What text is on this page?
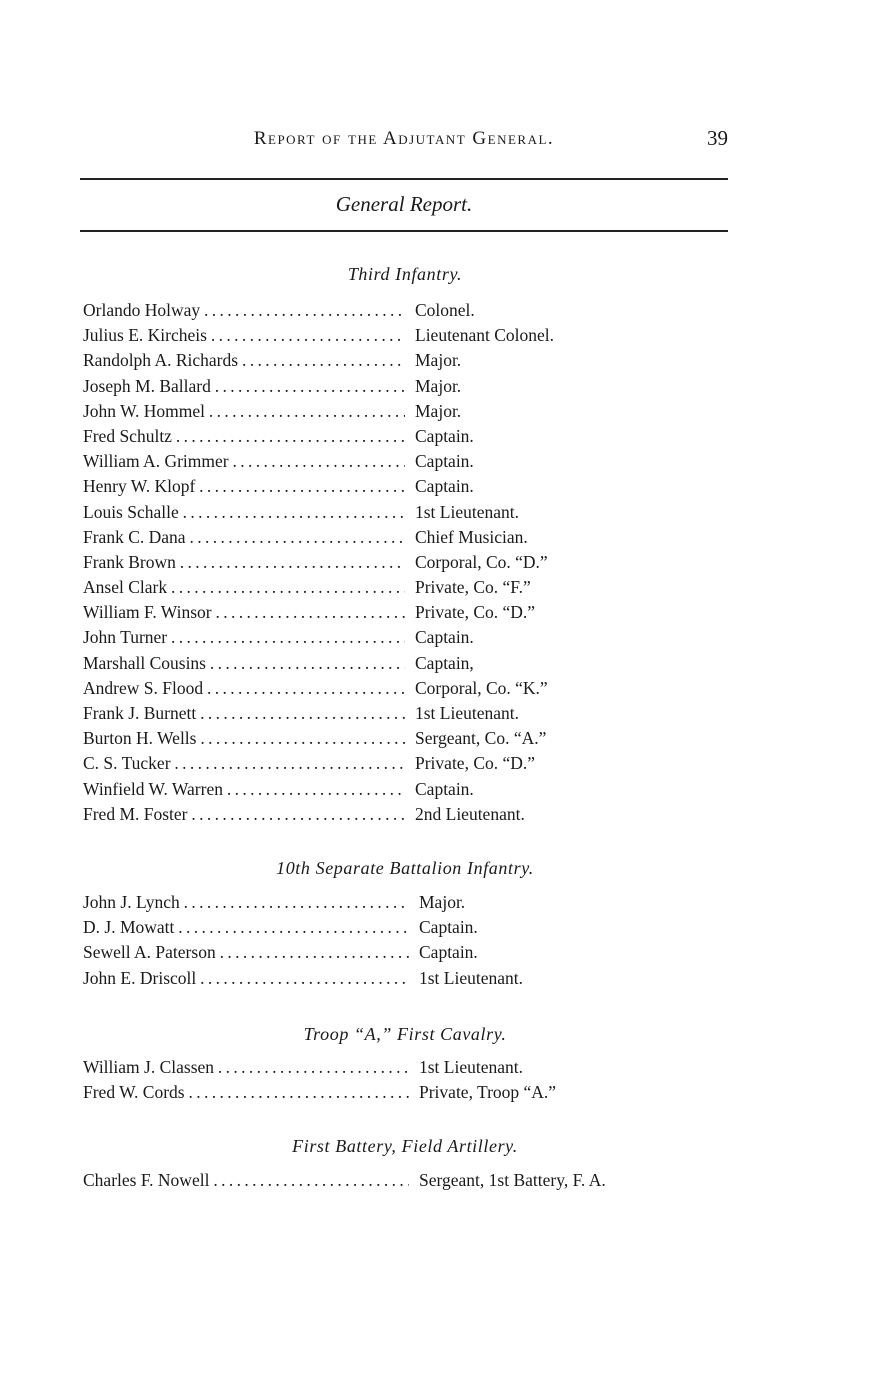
Report of the Adjutant General.	39
General Report.
Third Infantry.
Orlando Holway . . .	Colonel.
Julius E. Kircheis . . .	Lieutenant Colonel.
Randolph A. Richards . . .	Major.
Joseph M. Ballard . . .	Major.
John W. Hommel . . .	Major.
Fred Schultz . . .	Captain.
William A. Grimmer . . .	Captain.
Henry W. Klopf . . .	Captain.
Louis Schalle . . .	1st Lieutenant.
Frank C. Dana . . .	Chief Musician.
Frank Brown . . .	Corporal, Co. “D.”
Ansel Clark . . .	Private, Co. “F.”
William F. Winsor . . .	Private, Co. “D.”
John Turner . . .	Captain.
Marshall Cousins . . .	Captain,
Andrew S. Flood . . .	Corporal, Co. “K.”
Frank J. Burnett . . .	1st Lieutenant.
Burton H. Wells . . .	Sergeant, Co. “A.”
C. S. Tucker . . .	Private, Co. “D.”
Winfield W. Warren . . .	Captain.
Fred M. Foster . . .	2nd Lieutenant.
10th Separate Battalion Infantry.
John J. Lynch . . .	Major.
D. J. Mowatt . . .	Captain.
Sewell A. Paterson . . .	Captain.
John E. Driscoll . . .	1st Lieutenant.
Troop “A,” First Cavalry.
William J. Classen . . .	1st Lieutenant.
Fred W. Cords . . .	Private, Troop “A.”
First Battery, Field Artillery.
Charles F. Nowell . . .	Sergeant, 1st Battery, F. A.
